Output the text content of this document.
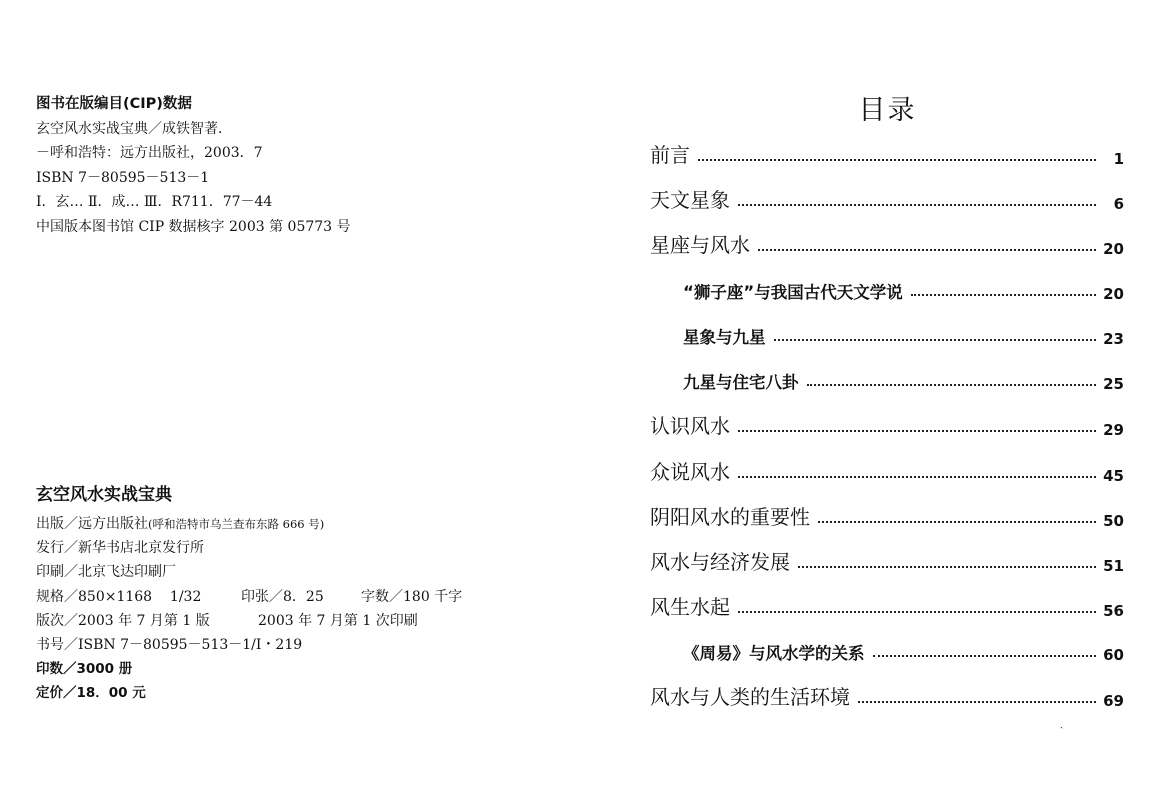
图书在版编目(CIP)数据
玄空风水实战宝典／成铁智著．
－呼和浩特：远方出版社，2003．7
ISBN 7－80595－513－1
Ⅰ．玄… Ⅱ．成… Ⅲ．R711．77－44
中国版本图书馆 CIP 数据核字 2003 第 05773 号
玄空风水实战宝典
出版／远方出版社(呼和浩特市乌兰查布东路 666 号)
发行／新华书店北京发行所
印刷／北京飞达印刷厂
规格／850×1168 1/32	印张／8．25	字数／180 千字
版次／2003 年 7 月第 1 版	2003 年 7 月第 1 次印刷
书号／ISBN 7－80595－513－1/I・219
印数／3000 册
定价／18．00 元
目录
前言	1
天文星象	6
星座与风水	20
“狮子座”与我国古代天文学说	20
星象与九星	23
九星与住宅八卦	25
认识风水	29
众说风水	45
阴阳风水的重要性	50
风水与经济发展	51
风生水起	56
《周易》与风水学的关系	60
风水与人类的生活环境	69
ˏ
